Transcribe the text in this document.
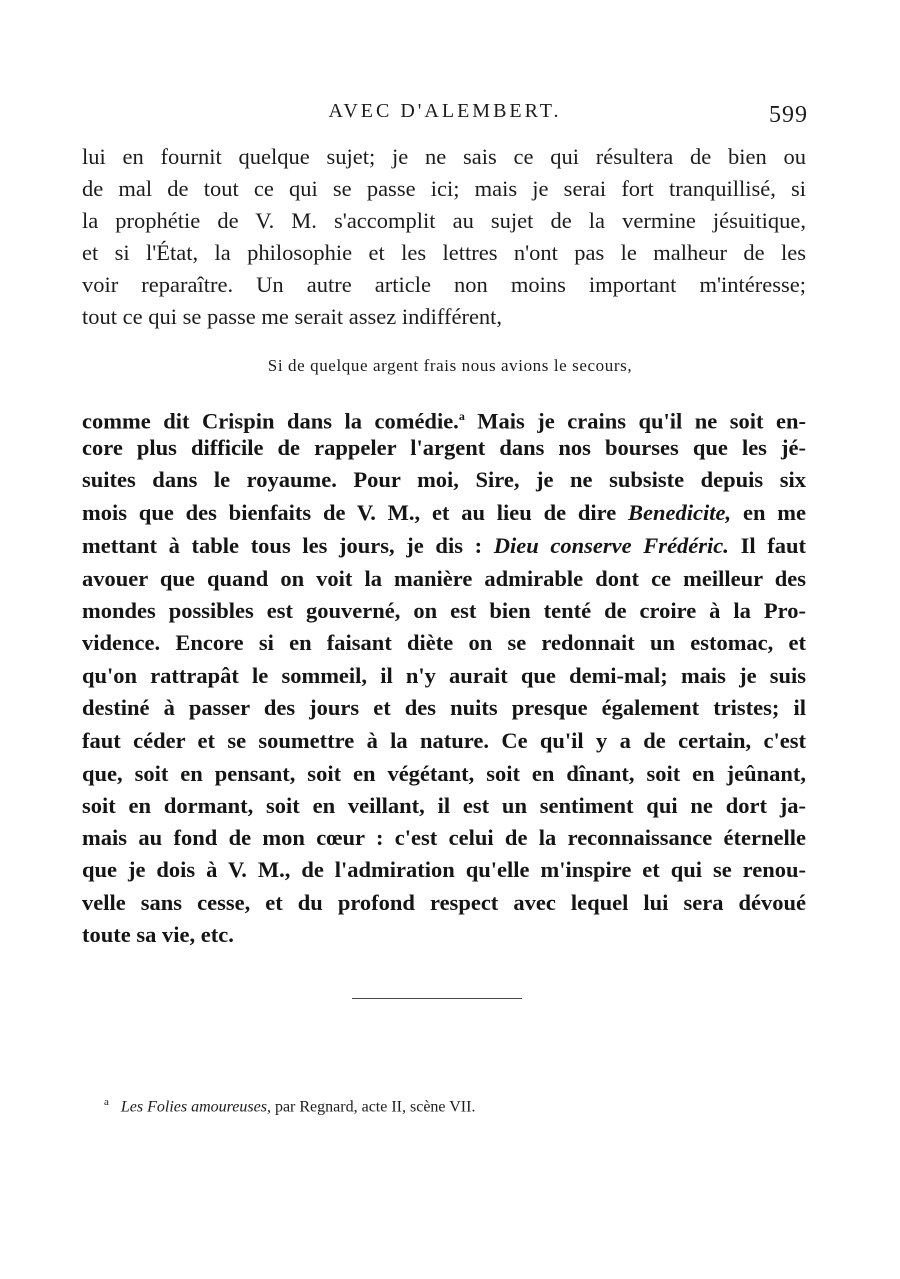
AVEC D'ALEMBERT.	599
lui en fournit quelque sujet; je ne sais ce qui résultera de bien ou
de mal de tout ce qui se passe ici; mais je serai fort tranquillisé, si
la prophétie de V. M. s'accomplit au sujet de la vermine jésuitique,
et si l'État, la philosophie et les lettres n'ont pas le malheur de les
voir reparaître. Un autre article non moins important m'intéresse;
tout ce qui se passe me serait assez indifférent,
Si de quelque argent frais nous avions le secours,
comme dit Crispin dans la comédie.$^a$ Mais je crains qu'il ne soit en-
core plus difficile de rappeler l'argent dans nos bourses que les jé-
suites dans le royaume. Pour moi, Sire, je ne subsiste depuis six
mois que des bienfaits de V. M., et au lieu de dire Benedicite, en me
mettant à table tous les jours, je dis : Dieu conserve Frédéric. Il faut
avouer que quand on voit la manière admirable dont ce meilleur des
mondes possibles est gouverné, on est bien tenté de croire à la Pro-
vidence. Encore si en faisant diète on se redonnait un estomac, et
qu'on rattrapât le sommeil, il n'y aurait que demi-mal; mais je suis
destiné à passer des jours et des nuits presque également tristes; il
faut céder et se soumettre à la nature. Ce qu'il y a de certain, c'est
que, soit en pensant, soit en végétant, soit en dînant, soit en jeûnant,
soit en dormant, soit en veillant, il est un sentiment qui ne dort ja-
mais au fond de mon cœur : c'est celui de la reconnaissance éternelle
que je dois à V. M., de l'admiration qu'elle m'inspire et qui se renou-
velle sans cesse, et du profond respect avec lequel lui sera dévoué
toute sa vie, etc.
$^a$ Les Folies amoureuses, par Regnard, acte II, scène VII.
